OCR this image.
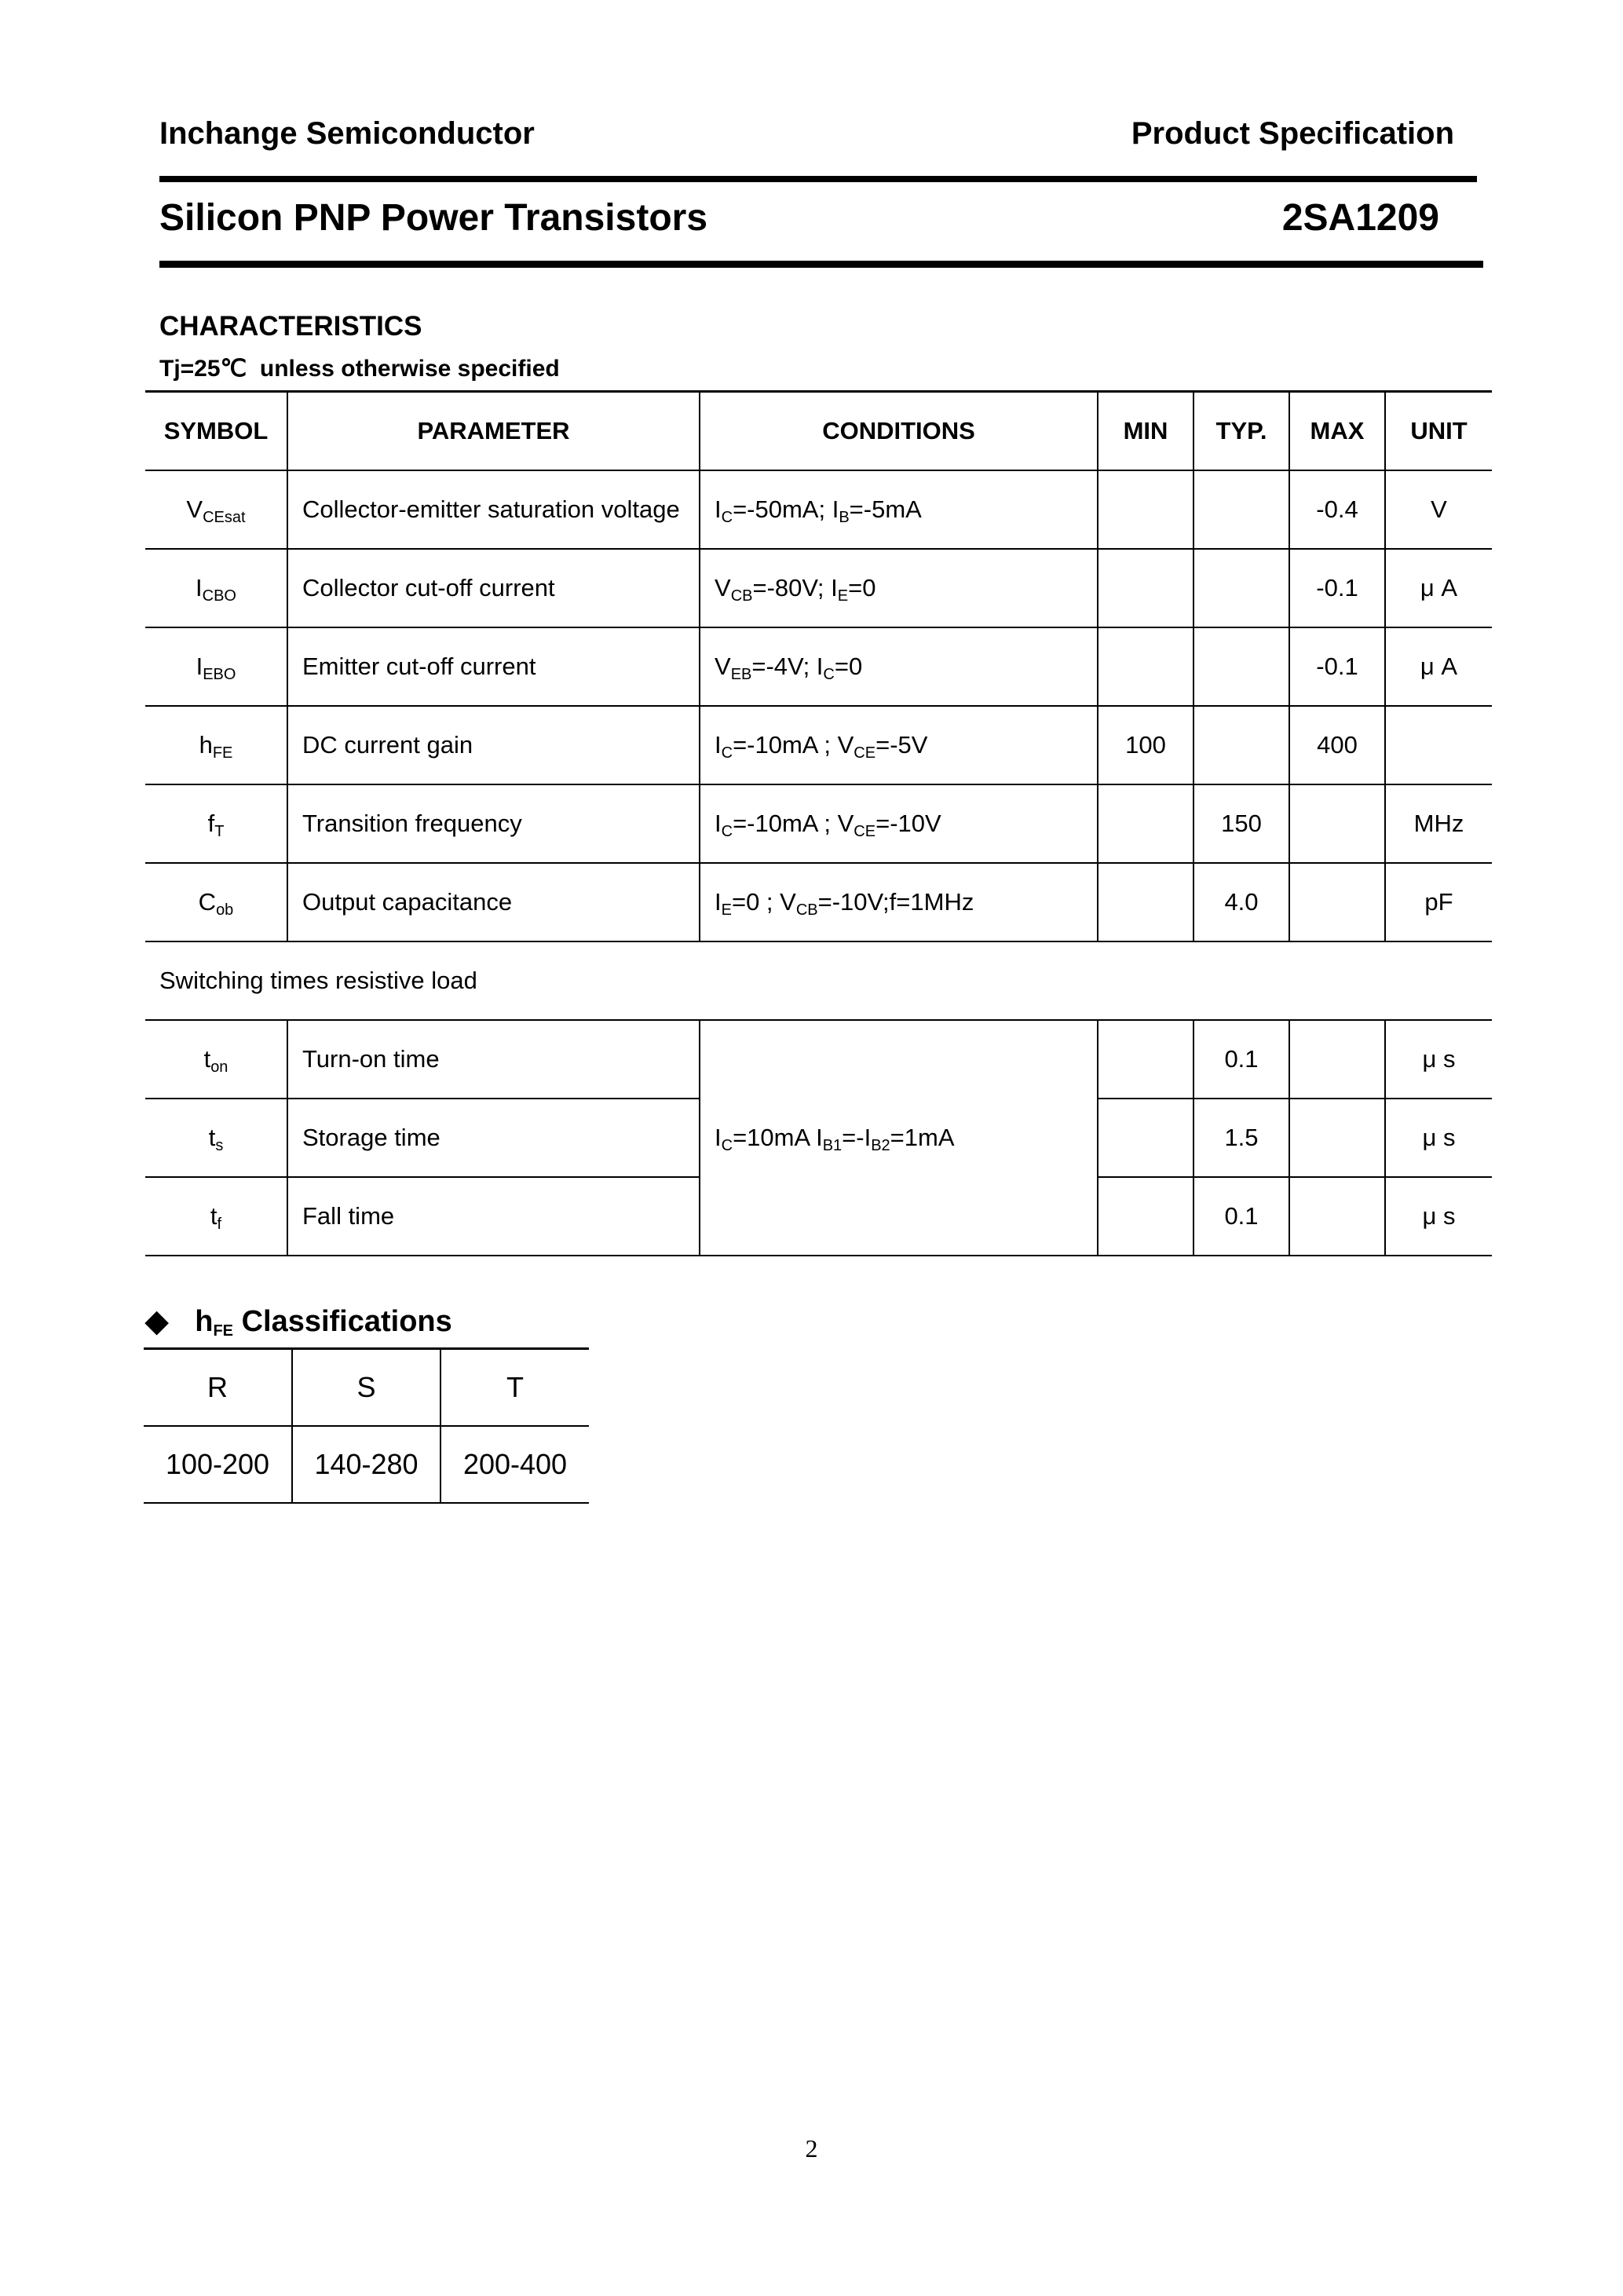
Inchange Semiconductor	Product Specification
Silicon PNP Power Transistors	2SA1209
CHARACTERISTICS
Tj=25℃  unless otherwise specified
SYMBOL	PARAMETER	CONDITIONS	MIN	TYP.	MAX	UNIT
$V_{CEsat}$	Collector-emitter saturation voltage	$I_C=-50mA$; $I_B=-5mA$			-0.4	V
$I_{CBO}$	Collector cut-off current	$V_{CB}=-80V$; $I_E=0$			-0.1	μ A
$I_{EBO}$	Emitter cut-off current	$V_{EB}=-4V$; $I_C=0$			-0.1	μ A
$h_{FE}$	DC current gain	$I_C=-10mA$ ; $V_{CE}=-5V$	100		400	
$f_T$	Transition frequency	$I_C=-10mA$ ; $V_{CE}=-10V$		150		MHz
$C_{ob}$	Output capacitance	$I_E=0$ ; $V_{CB}=-10V;f=1MHz$		4.0		pF
Switching times resistive load						
$t_{on}$	Turn-on time	$I_C=10mA$ $I_{B1}=-I_{B2}=1mA$		0.1		μ s
$t_s$	Storage time			1.5		μ s
$t_f$	Fall time			0.1		μ s
◆ $h_{FE}$ Classifications
R	S	T
100-200	140-280	200-400
2
